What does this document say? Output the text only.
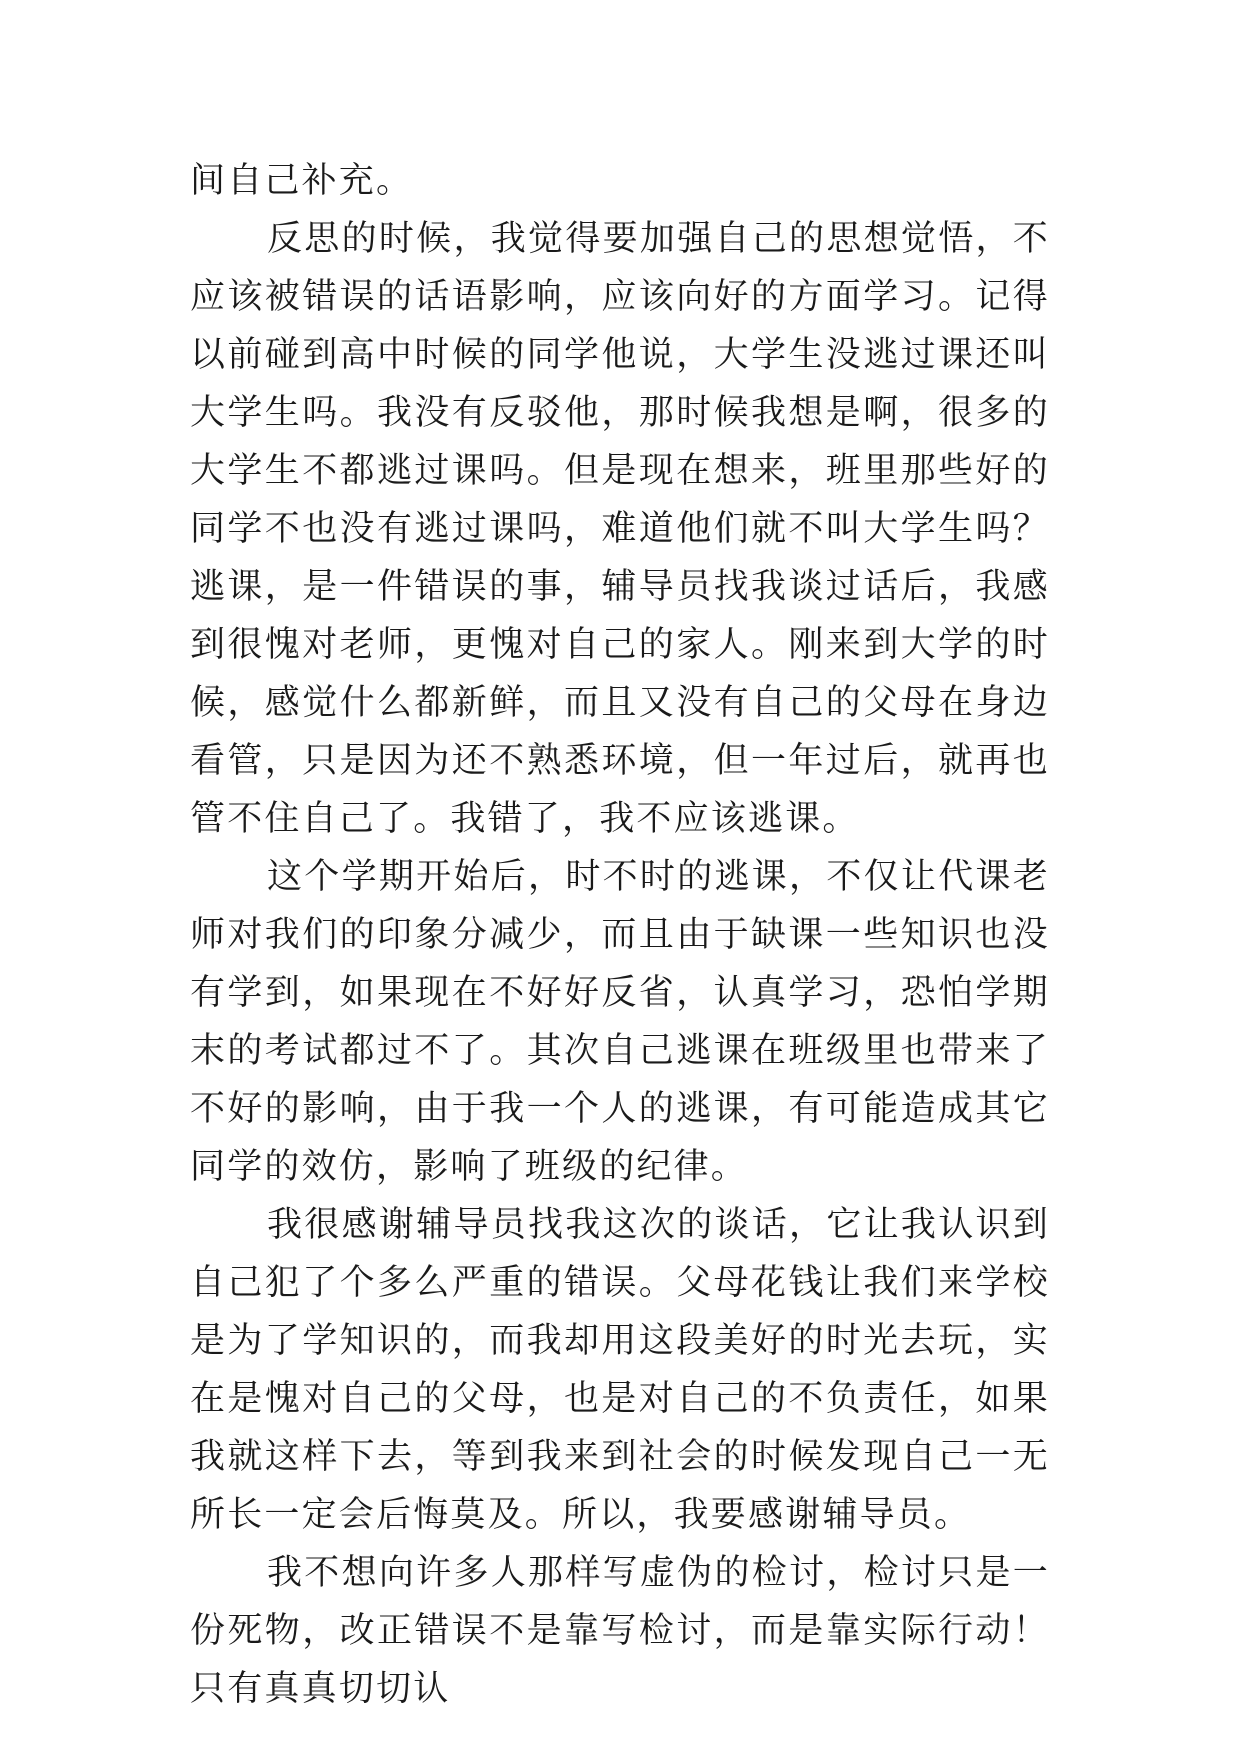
间自己补充。

反思的时候，我觉得要加强自己的思想觉悟，不应该被错误的话语影响，应该向好的方面学习。记得以前碰到高中时候的同学他说，大学生没逃过课还叫大学生吗。我没有反驳他，那时候我想是啊，很多的大学生不都逃过课吗。但是现在想来，班里那些好的同学不也没有逃过课吗，难道他们就不叫大学生吗？逃课，是一件错误的事，辅导员找我谈过话后，我感到很愧对老师，更愧对自己的家人。刚来到大学的时候，感觉什么都新鲜，而且又没有自己的父母在身边看管，只是因为还不熟悉环境，但一年过后，就再也管不住自己了。我错了，我不应该逃课。

这个学期开始后，时不时的逃课，不仅让代课老师对我们的印象分减少，而且由于缺课一些知识也没有学到，如果现在不好好反省，认真学习，恐怕学期末的考试都过不了。其次自己逃课在班级里也带来了不好的影响，由于我一个人的逃课，有可能造成其它同学的效仿，影响了班级的纪律。

我很感谢辅导员找我这次的谈话，它让我认识到自己犯了个多么严重的错误。父母花钱让我们来学校是为了学知识的，而我却用这段美好的时光去玩，实在是愧对自己的父母，也是对自己的不负责任，如果我就这样下去，等到我来到社会的时候发现自己一无所长一定会后悔莫及。所以，我要感谢辅导员。

我不想向许多人那样写虚伪的检讨，检讨只是一份死物，改正错误不是靠写检讨，而是靠实际行动！只有真真切切认
